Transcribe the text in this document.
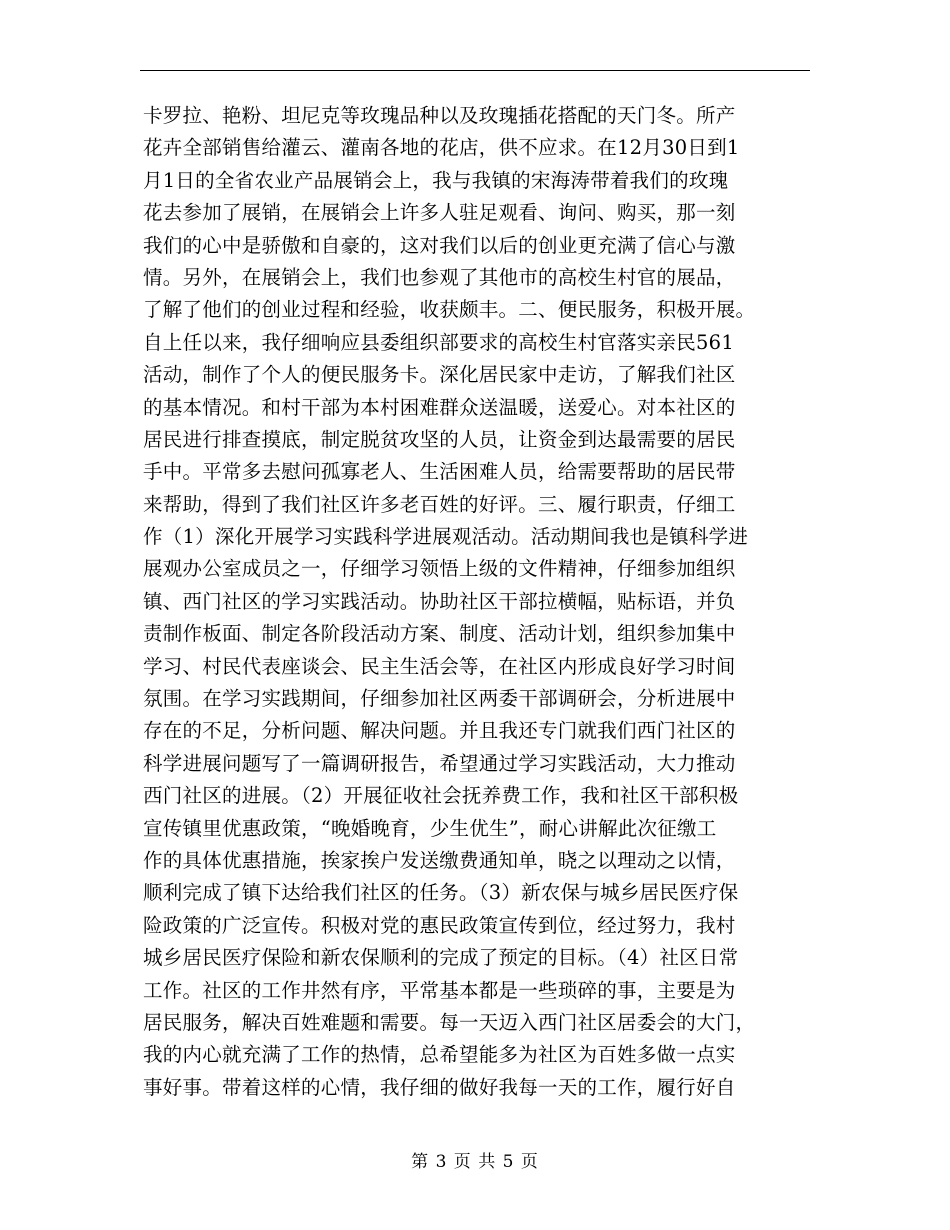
卡罗拉、艳粉、坦尼克等玫瑰品种以及玫瑰插花搭配的天门冬。所产
花卉全部销售给灌云、灌南各地的花店，供不应求。在12月30日到1
月1日的全省农业产品展销会上，我与我镇的宋海涛带着我们的玫瑰
花去参加了展销，在展销会上许多人驻足观看、询问、购买，那一刻
我们的心中是骄傲和自豪的，这对我们以后的创业更充满了信心与激
情。另外，在展销会上，我们也参观了其他市的高校生村官的展品，
了解了他们的创业过程和经验，收获颇丰。二、便民服务，积极开展。
自上任以来，我仔细响应县委组织部要求的高校生村官落实亲民561
活动，制作了个人的便民服务卡。深化居民家中走访，了解我们社区
的基本情况。和村干部为本村困难群众送温暖，送爱心。对本社区的
居民进行排查摸底，制定脱贫攻坚的人员，让资金到达最需要的居民
手中。平常多去慰问孤寡老人、生活困难人员，给需要帮助的居民带
来帮助，得到了我们社区许多老百姓的好评。三、履行职责，仔细工
作（1）深化开展学习实践科学进展观活动。活动期间我也是镇科学进
展观办公室成员之一，仔细学习领悟上级的文件精神，仔细参加组织
镇、西门社区的学习实践活动。协助社区干部拉横幅，贴标语，并负
责制作板面、制定各阶段活动方案、制度、活动计划，组织参加集中
学习、村民代表座谈会、民主生活会等，在社区内形成良好学习时间
氛围。在学习实践期间，仔细参加社区两委干部调研会，分析进展中
存在的不足，分析问题、解决问题。并且我还专门就我们西门社区的
科学进展问题写了一篇调研报告，希望通过学习实践活动，大力推动
西门社区的进展。（2）开展征收社会抚养费工作，我和社区干部积极
宣传镇里优惠政策，“晚婚晚育，少生优生”，耐心讲解此次征缴工
作的具体优惠措施，挨家挨户发送缴费通知单，晓之以理动之以情，
顺利完成了镇下达给我们社区的任务。（3）新农保与城乡居民医疗保
险政策的广泛宣传。积极对党的惠民政策宣传到位，经过努力，我村
城乡居民医疗保险和新农保顺利的完成了预定的目标。（4）社区日常
工作。社区的工作井然有序，平常基本都是一些琐碎的事，主要是为
居民服务，解决百姓难题和需要。每一天迈入西门社区居委会的大门，
我的内心就充满了工作的热情，总希望能多为社区为百姓多做一点实
事好事。带着这样的心情，我仔细的做好我每一天的工作，履行好自
第 3 页 共 5 页
